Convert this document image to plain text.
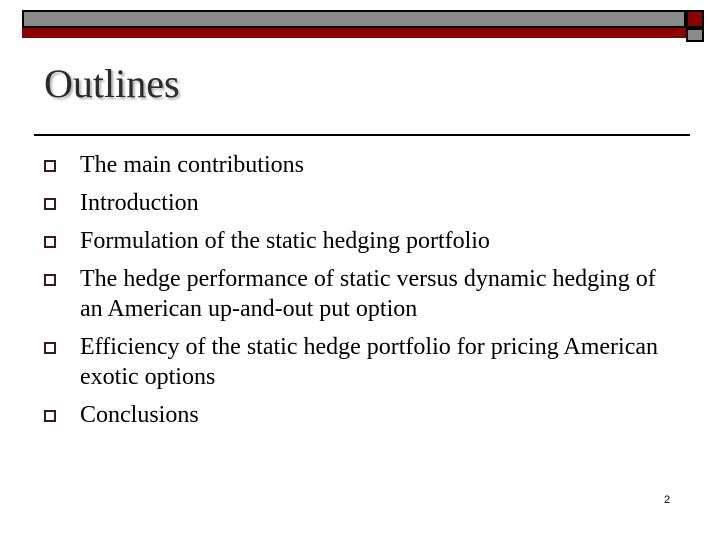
Outlines
The main contributions
Introduction
Formulation of the static hedging portfolio
The hedge performance of static versus dynamic hedging of an American up-and-out put option
Efficiency of the static hedge portfolio for pricing American exotic options
Conclusions
2
